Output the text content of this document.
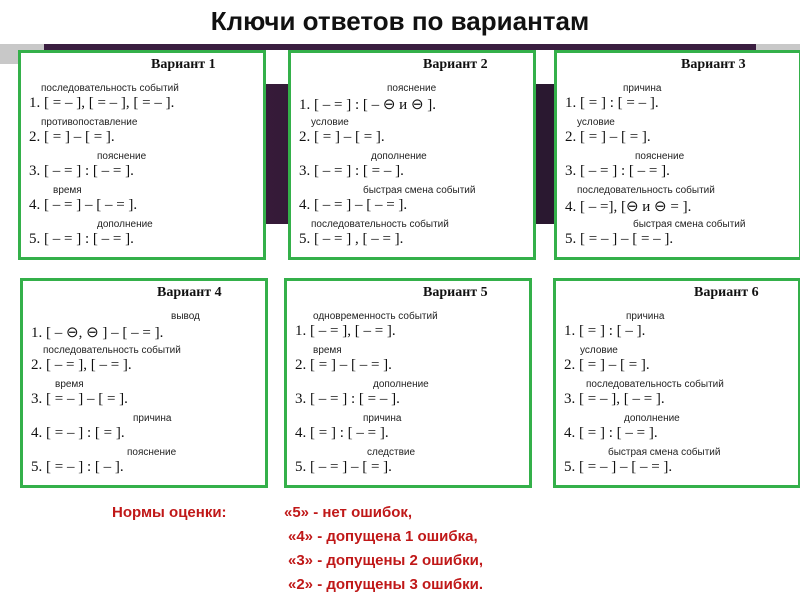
Ключи ответов по вариантам
Вариант 1
последовательность событий
1. [ = – ], [ = – ], [ = – ].
противопоставление
2. [ = ] – [ = ].
пояснение
3. [ – = ] : [ – = ].
время
4. [ – = ] – [ – = ].
дополнение
5. [ – = ] : [ – = ].
Вариант 2
пояснение
1. [ – = ] : [ – ⊖ и ⊖ ].
условие
2. [ = ] – [ = ].
дополнение
3. [ – = ] : [ = – ].
быстрая смена событий
4. [ – = ] – [ – = ].
последовательность событий
5. [ – = ] , [ – = ].
Вариант 3
причина
1. [ = ] : [ = – ].
условие
2. [ = ] – [ = ].
пояснение
3. [ – = ] : [ – = ].
последовательность событий
4. [ – =], [⊖ и ⊖ = ].
быстрая смена событий
5. [ = – ] – [ = – ].
Вариант 4
вывод
1. [ – ⊖, ⊖ ] – [ – = ].
последовательность событий
2. [ – = ], [ – = ].
время
3. [ = – ] – [ = ].
причина
4. [ = – ] : [ = ].
пояснение
5. [ = – ] : [ – ].
Вариант 5
одновременность событий
1. [ – = ], [ – = ].
время
2. [ = ] – [ – = ].
дополнение
3. [ – = ] : [ = – ].
причина
4. [ = ] : [ – = ].
следствие
5. [ – = ] – [ = ].
Вариант 6
причина
1. [ = ] : [ – ].
условие
2. [ = ] – [ = ].
последовательность событий
3. [ = – ], [ – = ].
дополнение
4. [ = ] : [ – = ].
быстрая смена событий
5. [ = – ] – [ – = ].
Нормы оценки:	«5» - нет ошибок,
«4» - допущена 1 ошибка,
«3» - допущены 2 ошибки,
«2» - допущены 3 ошибки.
